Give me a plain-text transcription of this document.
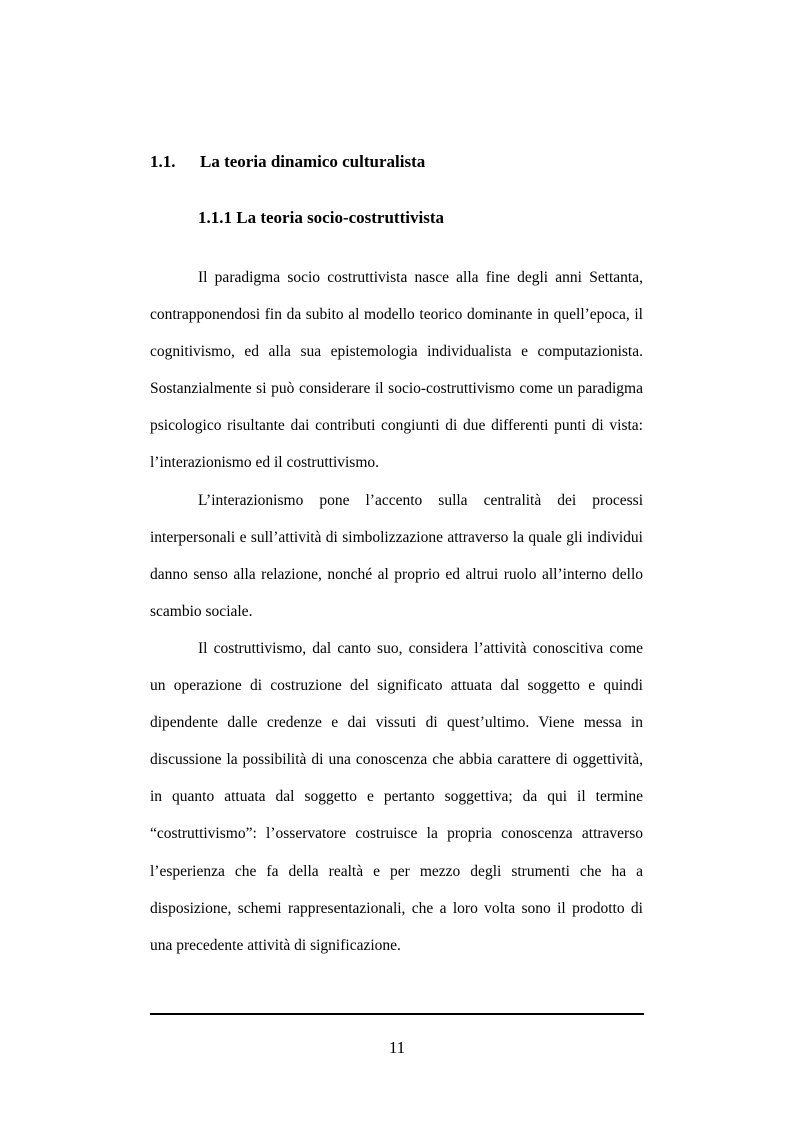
1.1. La teoria dinamico culturalista
1.1.1 La teoria socio-costruttivista

Il paradigma socio costruttivista nasce alla fine degli anni Settanta, contrapponendosi fin da subito al modello teorico dominante in quell’epoca, il cognitivismo, ed alla sua epistemologia individualista e computazionista. Sostanzialmente si può considerare il socio-costruttivismo come un paradigma psicologico risultante dai contributi congiunti di due differenti punti di vista: l’interazionismo ed il costruttivismo.

L’interazionismo pone l’accento sulla centralità dei processi interpersonali e sull’attività di simbolizzazione attraverso la quale gli individui danno senso alla relazione, nonché al proprio ed altrui ruolo all’interno dello scambio sociale.

Il costruttivismo, dal canto suo, considera l’attività conoscitiva come un operazione di costruzione del significato attuata dal soggetto e quindi dipendente dalle credenze e dai vissuti di quest’ultimo. Viene messa in discussione la possibilità di una conoscenza che abbia carattere di oggettività, in quanto attuata dal soggetto e pertanto soggettiva; da qui il termine “costruttivismo”: l’osservatore costruisce la propria conoscenza attraverso l’esperienza che fa della realtà e per mezzo degli strumenti che ha a disposizione, schemi rappresentazionali, che a loro volta sono il prodotto di una precedente attività di significazione.

11
